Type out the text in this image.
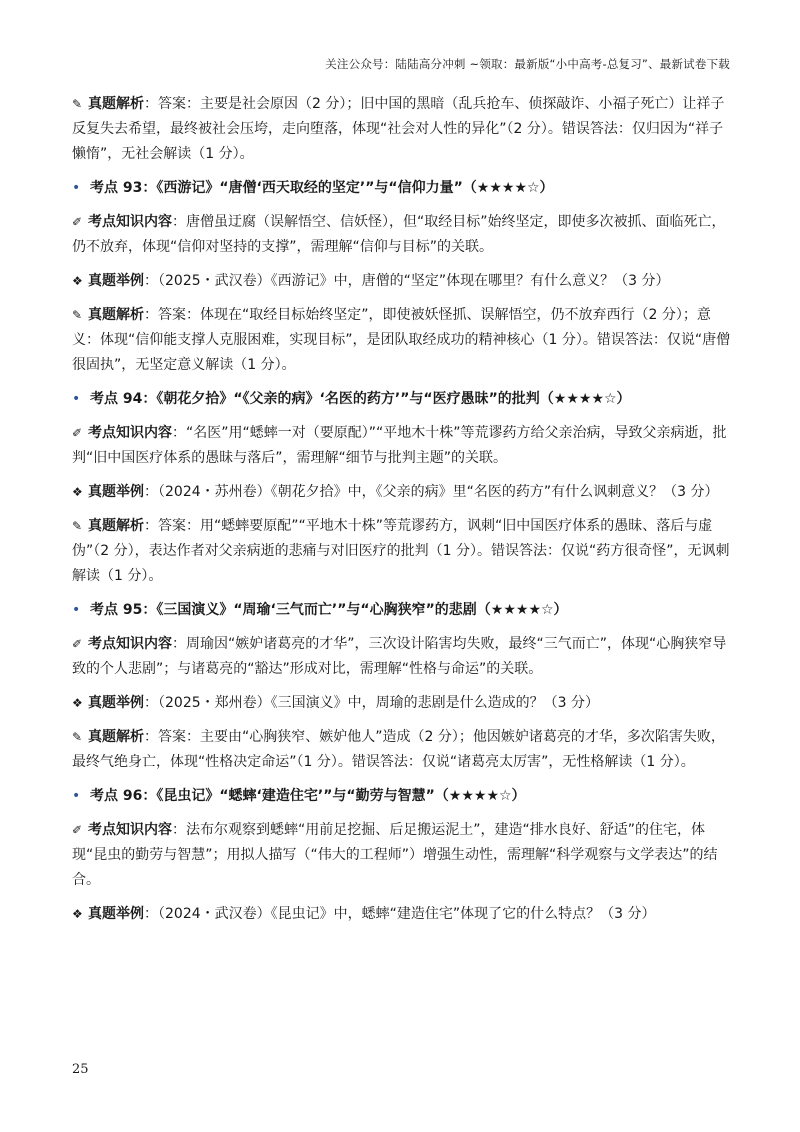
关注公众号：陆陆高分冲刺 ~领取：最新版“小中高考-总复习”、最新试卷下载

✎ 真题解析：答案：主要是社会原因（2 分）；旧中国的黑暗（乱兵抢车、侦探敲诈、小福子死亡）让祥子反复失去希望，最终被社会压垮，走向堕落，体现“社会对人性的异化”（2 分）。错误答法：仅归因为“祥子懒惰”，无社会解读（1 分）。

• 考点 93：《西游记》“唐僧‘西天取经的坚定’”与“信仰力量”（★★★★☆）

✐ 考点知识内容：唐僧虽迂腐（误解悟空、信妖怪），但“取经目标”始终坚定，即使多次被抓、面临死亡，仍不放弃，体现“信仰对坚持的支撑”，需理解“信仰与目标”的关联。

❖ 真题举例：（2025・武汉卷）《西游记》中，唐僧的“坚定”体现在哪里？有什么意义？（3 分）

✎ 真题解析：答案：体现在“取经目标始终坚定”，即使被妖怪抓、误解悟空，仍不放弃西行（2 分）；意义：体现“信仰能支撑人克服困难，实现目标”，是团队取经成功的精神核心（1 分）。错误答法：仅说“唐僧很固执”，无坚定意义解读（1 分）。

• 考点 94：《朝花夕拾》“《父亲的病》‘名医的药方’”与“医疗愚昧”的批判（★★★★☆）

✐ 考点知识内容：“名医”用“蟋蟀一对（要原配）”“平地木十株”等荒谬药方给父亲治病，导致父亲病逝，批判“旧中国医疗体系的愚昧与落后”，需理解“细节与批判主题”的关联。

❖ 真题举例：（2024・苏州卷）《朝花夕拾》中，《父亲的病》里“名医的药方”有什么讽刺意义？（3 分）

✎ 真题解析：答案：用“蟋蟀要原配”“平地木十株”等荒谬药方，讽刺“旧中国医疗体系的愚昧、落后与虚伪”（2 分），表达作者对父亲病逝的悲痛与对旧医疗的批判（1 分）。错误答法：仅说“药方很奇怪”，无讽刺解读（1 分）。

• 考点 95：《三国演义》“周瑜‘三气而亡’”与“心胸狭窄”的悲剧（★★★★☆）

✐ 考点知识内容：周瑜因“嫉妒诸葛亮的才华”，三次设计陷害均失败，最终“三气而亡”，体现“心胸狭窄导致的个人悲剧”；与诸葛亮的“豁达”形成对比，需理解“性格与命运”的关联。

❖ 真题举例：（2025・郑州卷）《三国演义》中，周瑜的悲剧是什么造成的？（3 分）

✎ 真题解析：答案：主要由“心胸狭窄、嫉妒他人”造成（2 分）；他因嫉妒诸葛亮的才华，多次陷害失败，最终气绝身亡，体现“性格决定命运”（1 分）。错误答法：仅说“诸葛亮太厉害”，无性格解读（1 分）。

• 考点 96：《昆虫记》“蟋蟀‘建造住宅’”与“勤劳与智慧”（★★★★☆）

✐ 考点知识内容：法布尔观察到蟋蟀“用前足挖掘、后足搬运泥土”，建造“排水良好、舒适”的住宅，体现“昆虫的勤劳与智慧”；用拟人描写（“伟大的工程师”）增强生动性，需理解“科学观察与文学表达”的结合。

❖ 真题举例：（2024・武汉卷）《昆虫记》中，蟋蟀“建造住宅”体现了它的什么特点？（3 分）

25
